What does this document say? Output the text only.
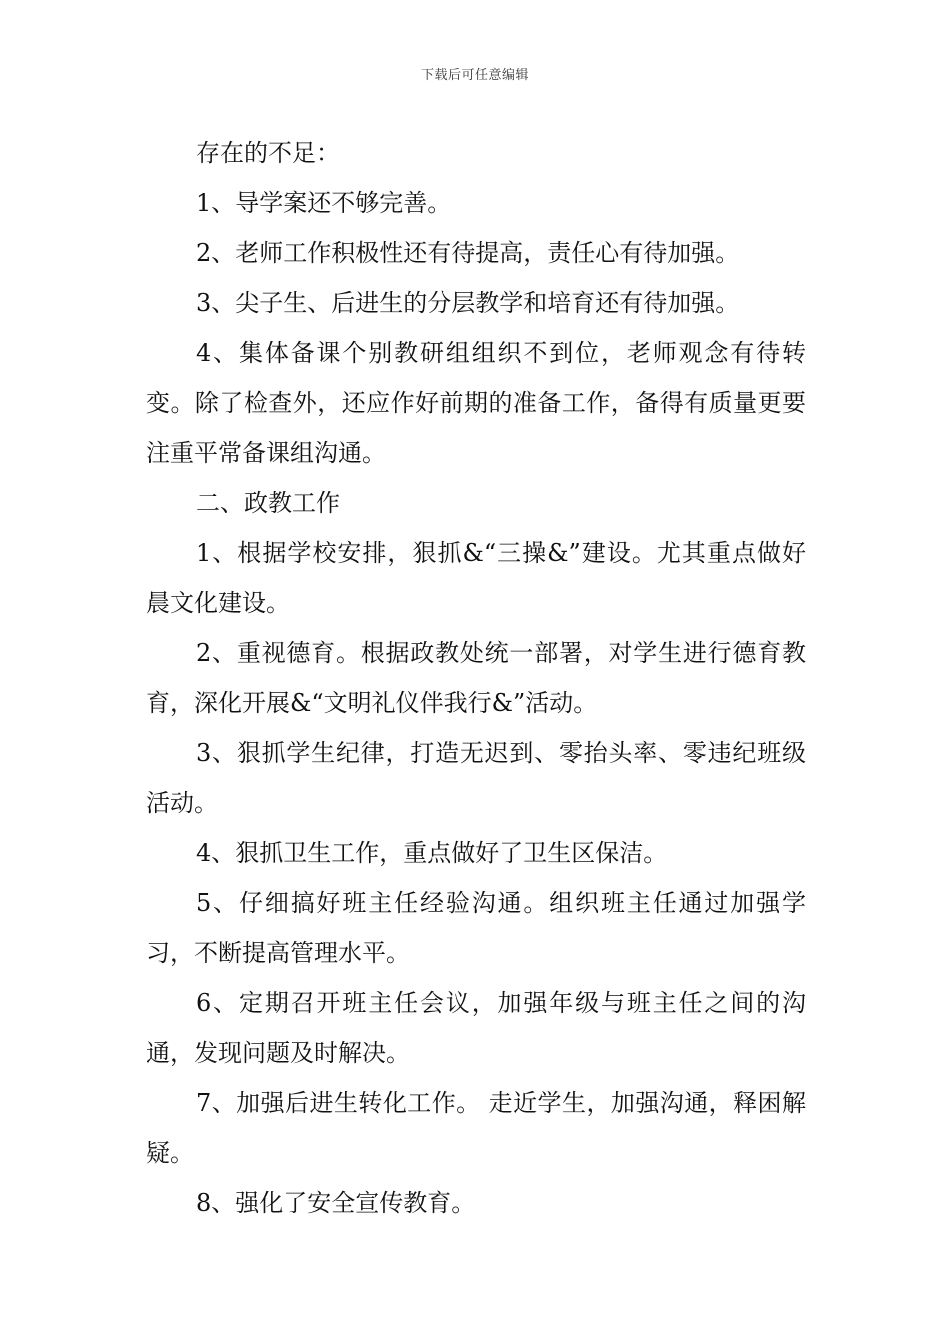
下载后可任意编辑

存在的不足：

1、导学案还不够完善。

2、老师工作积极性还有待提高，责任心有待加强。

3、尖子生、后进生的分层教学和培育还有待加强。

4、集体备课个别教研组组织不到位，老师观念有待转变。除了检查外，还应作好前期的准备工作，备得有质量更要注重平常备课组沟通。

二、政教工作

1、根据学校安排，狠抓&“三操&”建设。尤其重点做好晨文化建设。

2、重视德育。根据政教处统一部署，对学生进行德育教育，深化开展&“文明礼仪伴我行&”活动。

3、狠抓学生纪律，打造无迟到、零抬头率、零违纪班级活动。

4、狠抓卫生工作，重点做好了卫生区保洁。

5、仔细搞好班主任经验沟通。组织班主任通过加强学习，不断提高管理水平。

6、定期召开班主任会议，加强年级与班主任之间的沟通，发现问题及时解决。

7、加强后进生转化工作。 走近学生，加强沟通，释困解疑。

8、强化了安全宣传教育。
